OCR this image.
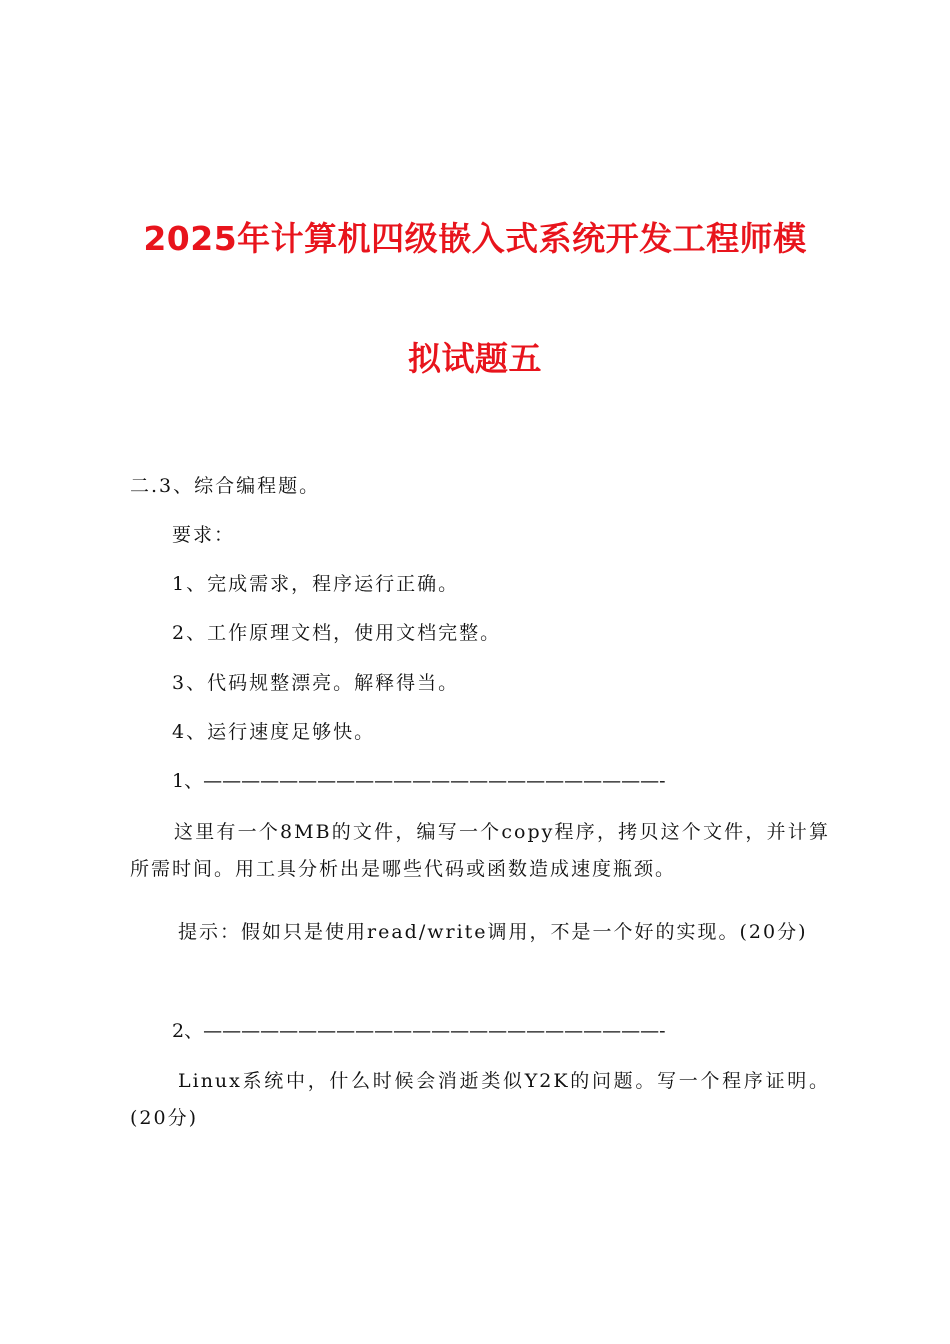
2025年计算机四级嵌入式系统开发工程师模
拟试题五
二.3、综合编程题。
要求：
1、完成需求，程序运行正确。
2、工作原理文档，使用文档完整。
3、代码规整漂亮。解释得当。
4、运行速度足够快。
1、————————————————————————-
这里有一个8MB的文件，编写一个copy程序，拷贝这个文件，并计算所需时间。用工具分析出是哪些代码或函数造成速度瓶颈。
提示：假如只是使用read/write调用，不是一个好的实现。(20分)
2、————————————————————————-
Linux系统中，什么时候会消逝类似Y2K的问题。写一个程序证明。(20分)
